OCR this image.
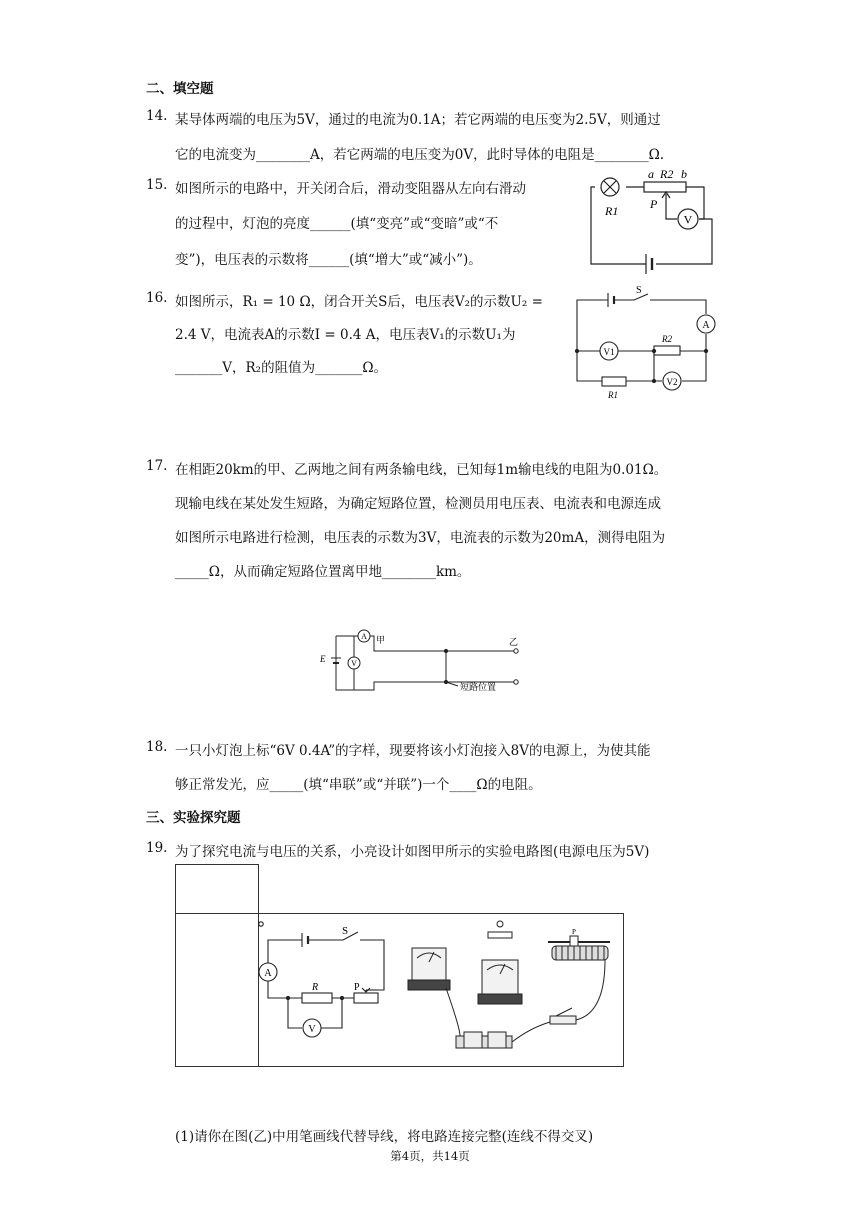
二、填空题
14. 某导体两端的电压为5V，通过的电流为0.1A；若它两端的电压变为2.5V，则通过
它的电流变为________A，若它两端的电压变为0V，此时导体的电阻是________Ω.
15. 如图所示的电路中，开关闭合后，滑动变阻器从左向右滑动
的过程中，灯泡的亮度______(填“变亮”或“变暗”或“不
变”)，电压表的示数将______(填“增大”或“减小”)。
V
a R2 b
R1	P
16. 如图所示，R₁ = 10 Ω，闭合开关S后，电压表V₂的示数U₂ =
2.4 V，电流表A的示数I = 0.4 A，电压表V₁的示数U₁为
_______V，R₂的阻值为_______Ω。
S
A
V1
R2
V2
R1
17. 在相距20km的甲、乙两地之间有两条输电线，已知每1m输电线的电阻为0.01Ω。
现输电线在某处发生短路，为确定短路位置，检测员用电压表、电流表和电源连成
如图所示电路进行检测，电压表的示数为3V，电流表的示数为20mA，测得电阻为
_____Ω，从而确定短路位置离甲地________km。
A 甲	乙
E	V
短路位置
18. 一只小灯泡上标“6V 0.4A”的字样，现要将该小灯泡接入8V的电源上，为使其能
够正常发光，应_____(填“串联”或“并联”)一个____Ω的电阻。
三、实验探究题
19. 为了探究电流与电压的关系，小亮设计如图甲所示的实验电路图(电源电压为5V)
S
A
R	P
V
P
(1)请你在图(乙)中用笔画线代替导线，将电路连接完整(连线不得交叉)
第4页，共14页
